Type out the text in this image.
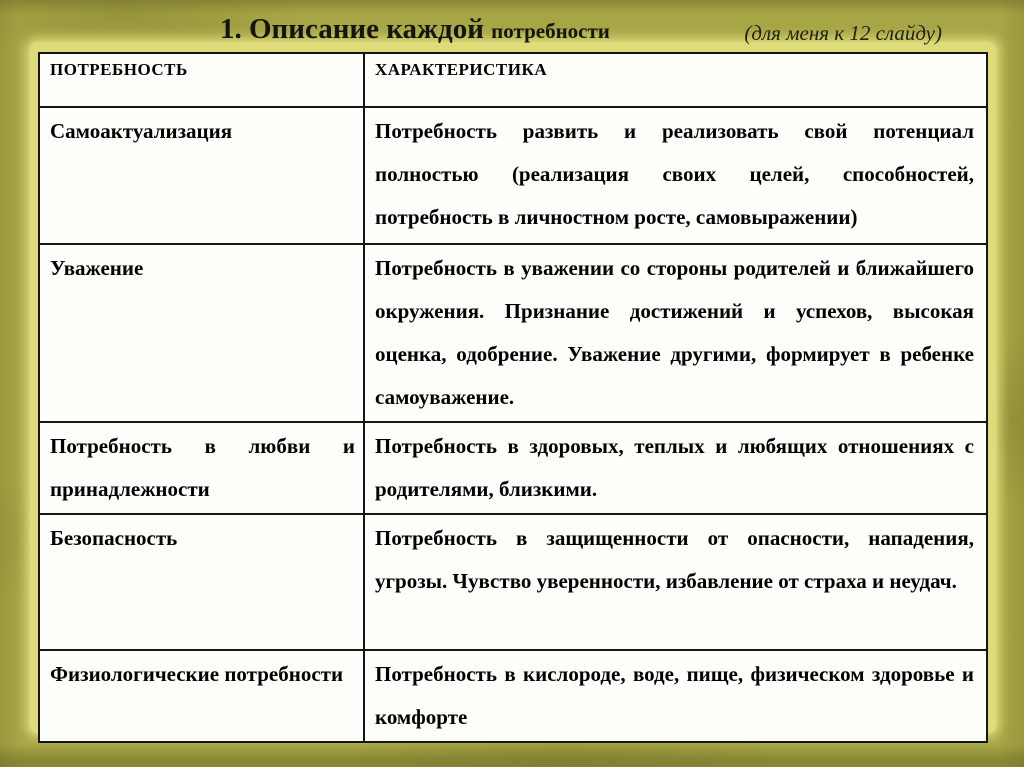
1. Описание каждой потребности	(для меня к 12 слайду)
ПОТРЕБНОСТЬ	ХАРАКТЕРИСТИКА
Самоактуализация	Потребность развить и реализовать свой потенциал полностью (реализация своих целей, способностей, потребность в личностном росте, самовыражении)
Уважение	Потребность в уважении со стороны родителей и ближайшего окружения. Признание достижений и успехов, высокая оценка, одобрение. Уважение другими, формирует в ребенке самоуважение.
Потребность в любви и принадлежности	Потребность в здоровых, теплых и любящих отношениях с родителями, близкими.
Безопасность	Потребность в защищенности от опасности, нападения, угрозы. Чувство уверенности, избавление от страха и неудач.
Физиологические потребности	Потребность в кислороде, воде, пище, физическом здоровье и комфорте
